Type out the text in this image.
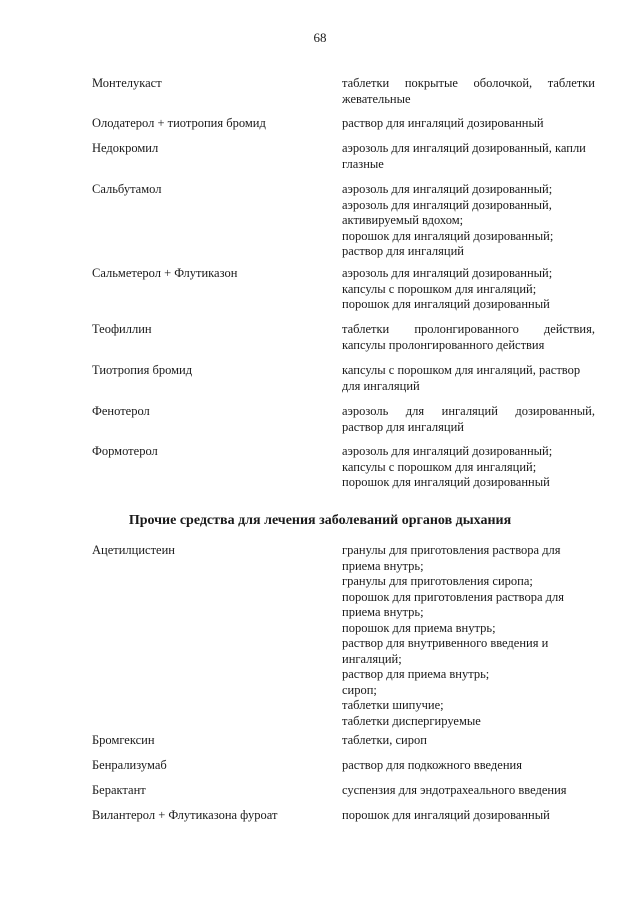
68
Монтелукаст	таблетки покрытые оболочкой, таблетки
жевательные
Олодатерол + тиотропия бромид	раствор для ингаляций дозированный
Недокромил	аэрозоль для ингаляций дозированный, капли
глазные
Сальбутамол	аэрозоль для ингаляций дозированный;
аэрозоль для ингаляций дозированный,
активируемый вдохом;
порошок для ингаляций дозированный;
раствор для ингаляций
Сальметерол + Флутиказон	аэрозоль для ингаляций дозированный;
капсулы с порошком для ингаляций;
порошок для ингаляций дозированный
Теофиллин	таблетки пролонгированного действия,
капсулы пролонгированного действия
Тиотропия бромид	капсулы с порошком для ингаляций, раствор
для ингаляций
Фенотерол	аэрозоль для ингаляций дозированный,
раствор для ингаляций
Формотерол	аэрозоль для ингаляций дозированный;
капсулы с порошком для ингаляций;
порошок для ингаляций дозированный
Прочие средства для лечения заболеваний органов дыхания
Ацетилцистеин	гранулы для приготовления раствора для
приема внутрь;
гранулы для приготовления сиропа;
порошок для приготовления раствора для
приема внутрь;
порошок для приема внутрь;
раствор для внутривенного введения и
ингаляций;
раствор для приема внутрь;
сироп;
таблетки шипучие;
таблетки диспергируемые
Бромгексин	таблетки, сироп
Бенрализумаб	раствор для подкожного введения
Берактант	суспензия для эндотрахеального введения
Вилантерол + Флутиказона фуроат	порошок для ингаляций дозированный
